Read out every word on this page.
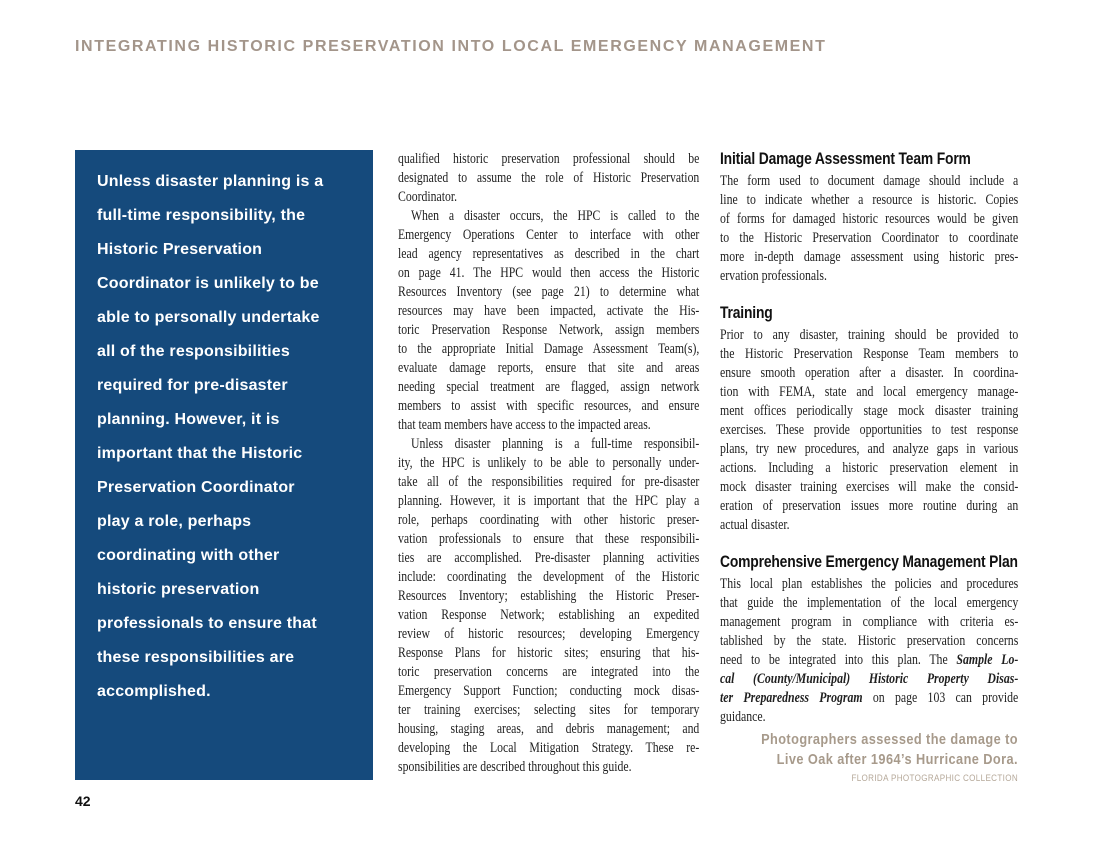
INTEGRATING HISTORIC PRESERVATION INTO LOCAL EMERGENCY MANAGEMENT
Unless disaster planning is a
full-time responsibility, the
Historic Preservation
Coordinator is unlikely to be
able to personally undertake
all of the responsibilities
required for pre-disaster
planning. However, it is
important that the Historic
Preservation Coordinator
play a role, perhaps
coordinating with other
historic preservation
professionals to ensure that
these responsibilities are
accomplished.
qualified historic preservation professional should be
designated to assume the role of Historic Preservation
Coordinator.
When a disaster occurs, the HPC is called to the
Emergency Operations Center to interface with other
lead agency representatives as described in the chart
on page 41. The HPC would then access the Historic
Resources Inventory (see page 21) to determine what
resources may have been impacted, activate the His-
toric Preservation Response Network, assign members
to the appropriate Initial Damage Assessment Team(s),
evaluate damage reports, ensure that site and areas
needing special treatment are flagged, assign network
members to assist with specific resources, and ensure
that team members have access to the impacted areas.
Unless disaster planning is a full-time responsibil-
ity, the HPC is unlikely to be able to personally under-
take all of the responsibilities required for pre-disaster
planning. However, it is important that the HPC play a
role, perhaps coordinating with other historic preser-
vation professionals to ensure that these responsibili-
ties are accomplished. Pre-disaster planning activities
include: coordinating the development of the Historic
Resources Inventory; establishing the Historic Preser-
vation Response Network; establishing an expedited
review of historic resources; developing Emergency
Response Plans for historic sites; ensuring that his-
toric preservation concerns are integrated into the
Emergency Support Function; conducting mock disas-
ter training exercises; selecting sites for temporary
housing, staging areas, and debris management; and
developing the Local Mitigation Strategy. These re-
sponsibilities are described throughout this guide.
Initial Damage Assessment Team Form
The form used to document damage should include a
line to indicate whether a resource is historic. Copies
of forms for damaged historic resources would be given
to the Historic Preservation Coordinator to coordinate
more in-depth damage assessment using historic pres-
ervation professionals.
Training
Prior to any disaster, training should be provided to
the Historic Preservation Response Team members to
ensure smooth operation after a disaster. In coordina-
tion with FEMA, state and local emergency manage-
ment offices periodically stage mock disaster training
exercises. These provide opportunities to test response
plans, try new procedures, and analyze gaps in various
actions. Including a historic preservation element in
mock disaster training exercises will make the consid-
eration of preservation issues more routine during an
actual disaster.
Comprehensive Emergency Management Plan
This local plan establishes the policies and procedures
that guide the implementation of the local emergency
management program in compliance with criteria es-
tablished by the state. Historic preservation concerns
need to be integrated into this plan. The Sample Lo-
cal (County/Municipal) Historic Property Disas-
ter Preparedness Program on page 103 can provide
guidance.
Photographers assessed the damage to
Live Oak after 1964’s Hurricane Dora.
FLORIDA PHOTOGRAPHIC COLLECTION
42
